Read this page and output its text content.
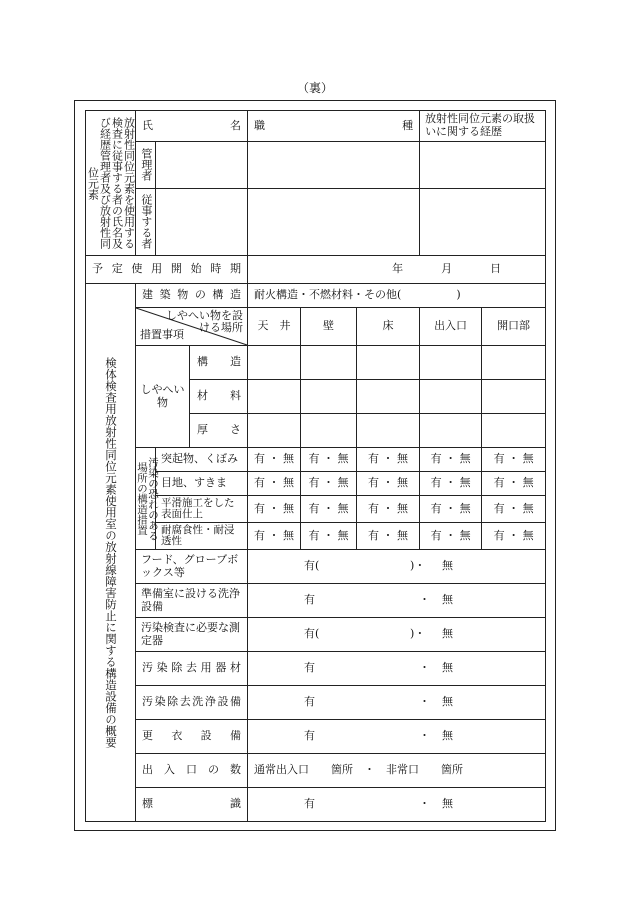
（裏）
放射性同位元素を使用する検査に従事する者の氏名及び経歴管理者及び放射性同位元素	氏 名			職 種			放射性同位元素の取扱いに関する経歴	

	管理者							

	従事する者							

予定使用開始時期				年 月 日				

検体検査用放射性同位元素使用室の放射線障害防止に関する構造設備の概要	建築物の構造			耐火構造・不燃材料・その他(　　　　　)				

	しやへい物を設ける場所
措置事項			天　井	壁	床	出入口	開口部
	しやへい物		構　　造					

			材　　料					

			厚　　さ					

	汚染の恐れのある場所の構造措置	突起物、くぼみ		有 ・ 無	有 ・ 無	有 ・ 無	有 ・ 無	有 ・ 無
		目地、すきま		有 ・ 無	有 ・ 無	有 ・ 無	有 ・ 無	有 ・ 無
		平滑施工をした表面仕上		有 ・ 無	有 ・ 無	有 ・ 無	有 ・ 無	有 ・ 無
		耐腐食性・耐浸透性		有 ・ 無	有 ・ 無	有 ・ 無	有 ・ 無	有 ・ 無
	フード、グローブボックス等			有( )・ 無				

	準備室に設ける洗浄設備			有 ・ 無				

	汚染検査に必要な測定器			有( )・ 無				

	汚染除去用器材			有 ・ 無				

	汚染除去洗浄設備			有 ・ 無				

	更衣設備			有 ・ 無				

	出入口の数			通常出入口　　箇所　・　非常口　　箇所				

	標識			有 ・ 無				
